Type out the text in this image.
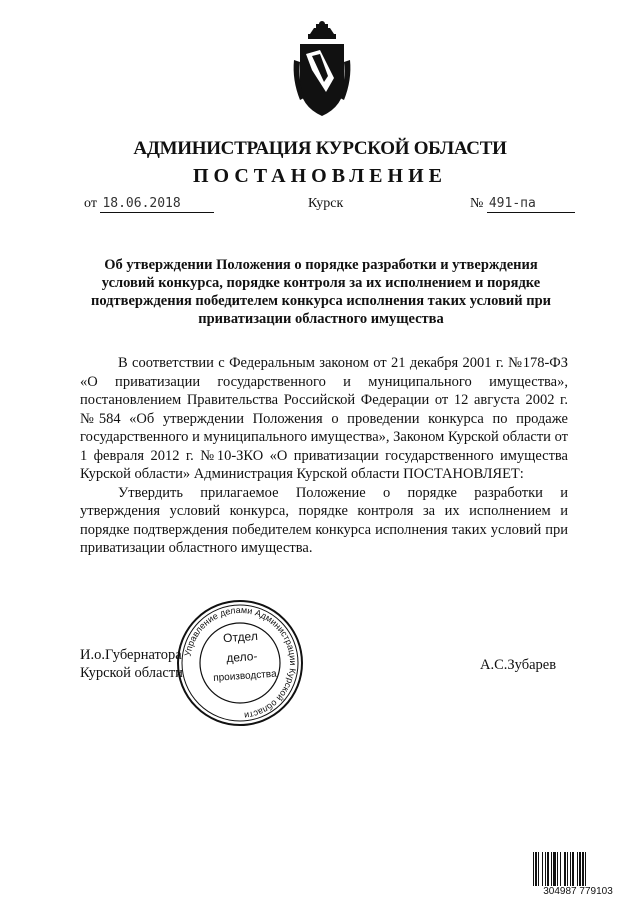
АДМИНИСТРАЦИЯ КУРСКОЙ ОБЛАСТИ
ПОСТАНОВЛЕНИЕ
от 18.06.2018	Курск	№ 491-па
Об утверждении Положения о порядке разработки и утверждения условий конкурса, порядке контроля за их исполнением и порядке подтверждения победителем конкурса исполнения таких условий при приватизации областного имущества

В соответствии с Федеральным законом от 21 декабря 2001 г. №178-ФЗ «О приватизации государственного и муниципального имущества», постановлением Правительства Российской Федерации от 12 августа 2002 г. №584 «Об утверждении Положения о проведении конкурса по продаже государственного и муниципального имущества», Законом Курской области от 1 февраля 2012 г. №10-ЗКО «О приватизации государственного имущества Курской области» Администрация Курской области ПОСТАНОВЛЯЕТ:

Утвердить прилагаемое Положение о порядке разработки и утверждения условий конкурса, порядке контроля за их исполнением и порядке подтверждения победителем конкурса исполнения таких условий при приватизации областного имущества.

И.о.Губернатора
Курской области	А.С.Зубарев
Управление делами Администрации Курской области
Отдел
дело-
производства
304987 779103
